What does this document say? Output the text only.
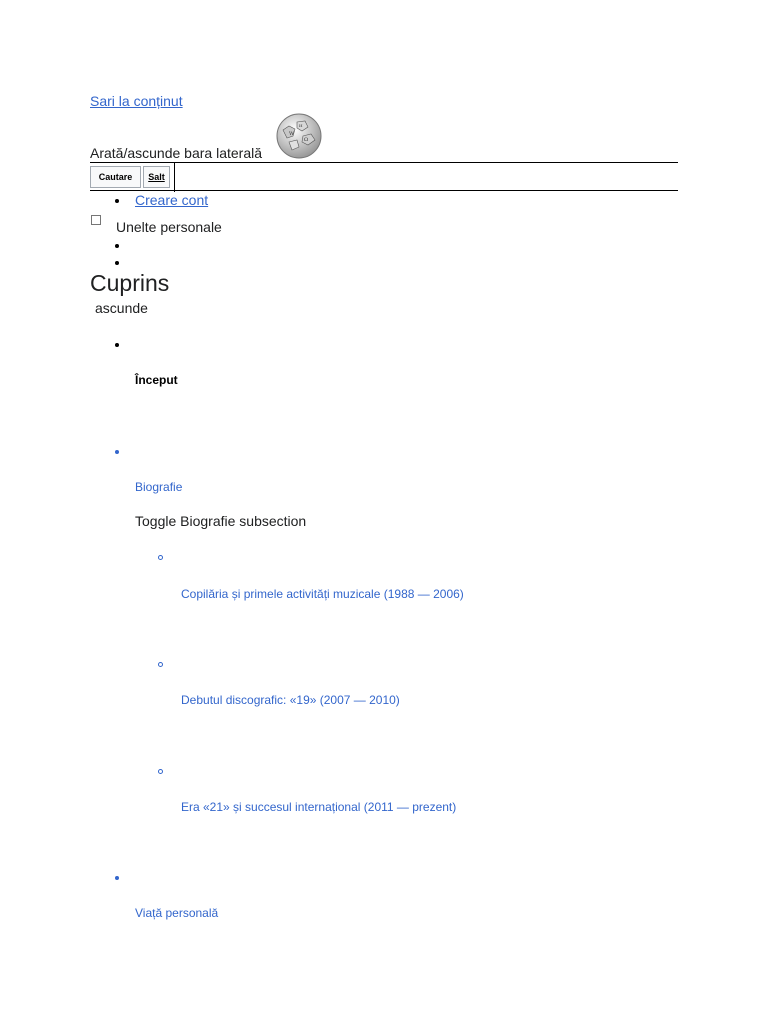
Sari la conținut
W
Ω
И
Arată/ascunde bara laterală
Cautare	Salt
Creare cont
Unelte personale
Cuprins
ascunde
Început
Biografie
Toggle Biografie subsection
Copilăria și primele activități muzicale (1988 — 2006)
Debutul discografic: «19» (2007 — 2010)
Era «21» și succesul internațional (2011 — prezent)
Viață personală
